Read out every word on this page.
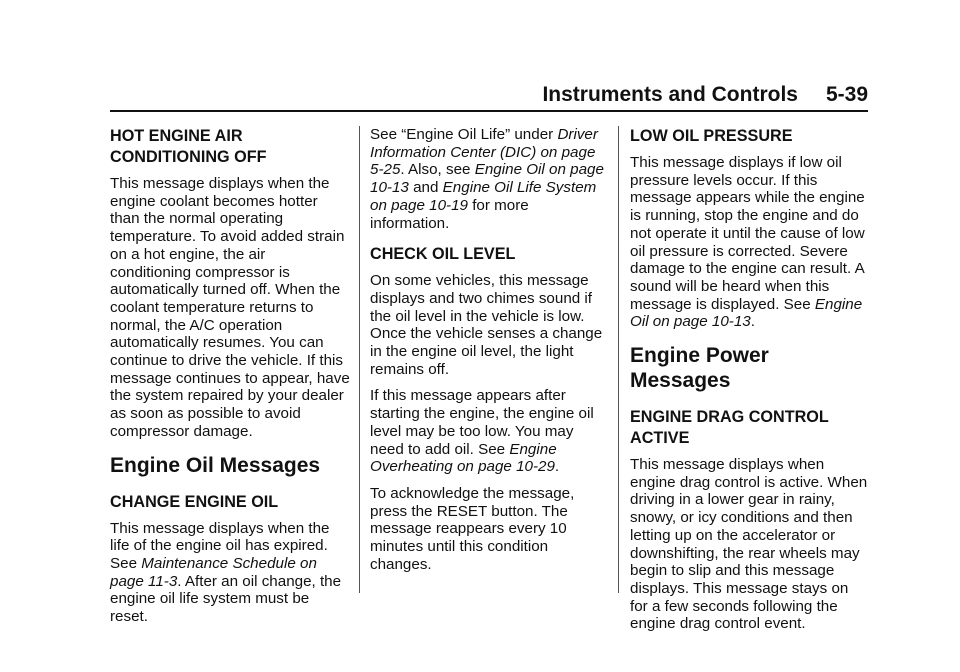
Instruments and Controls 5-39
HOT ENGINE AIR CONDITIONING OFF

This message displays when the engine coolant becomes hotter than the normal operating temperature. To avoid added strain on a hot engine, the air conditioning compressor is automatically turned off. When the coolant temperature returns to normal, the A/C operation automatically resumes. You can continue to drive the vehicle. If this message continues to appear, have the system repaired by your dealer as soon as possible to avoid compressor damage.

Engine Oil Messages
CHANGE ENGINE OIL

This message displays when the life of the engine oil has expired. See Maintenance Schedule on page 11-3. After an oil change, the engine oil life system must be reset.

See “Engine Oil Life” under Driver Information Center (DIC) on page 5-25. Also, see Engine Oil on page 10-13 and Engine Oil Life System on page 10-19 for more information.

CHECK OIL LEVEL

On some vehicles, this message displays and two chimes sound if the oil level in the vehicle is low. Once the vehicle senses a change in the engine oil level, the light remains off.

If this message appears after starting the engine, the engine oil level may be too low. You may need to add oil. See Engine Overheating on page 10-29.

To acknowledge the message, press the RESET button. The message reappears every 10 minutes until this condition changes.

LOW OIL PRESSURE

This message displays if low oil pressure levels occur. If this message appears while the engine is running, stop the engine and do not operate it until the cause of low oil pressure is corrected. Severe damage to the engine can result. A sound will be heard when this message is displayed. See Engine Oil on page 10-13.

Engine Power Messages
ENGINE DRAG CONTROL ACTIVE

This message displays when engine drag control is active. When driving in a lower gear in rainy, snowy, or icy conditions and then letting up on the accelerator or downshifting, the rear wheels may begin to slip and this message displays. This message stays on for a few seconds following the engine drag control event.
